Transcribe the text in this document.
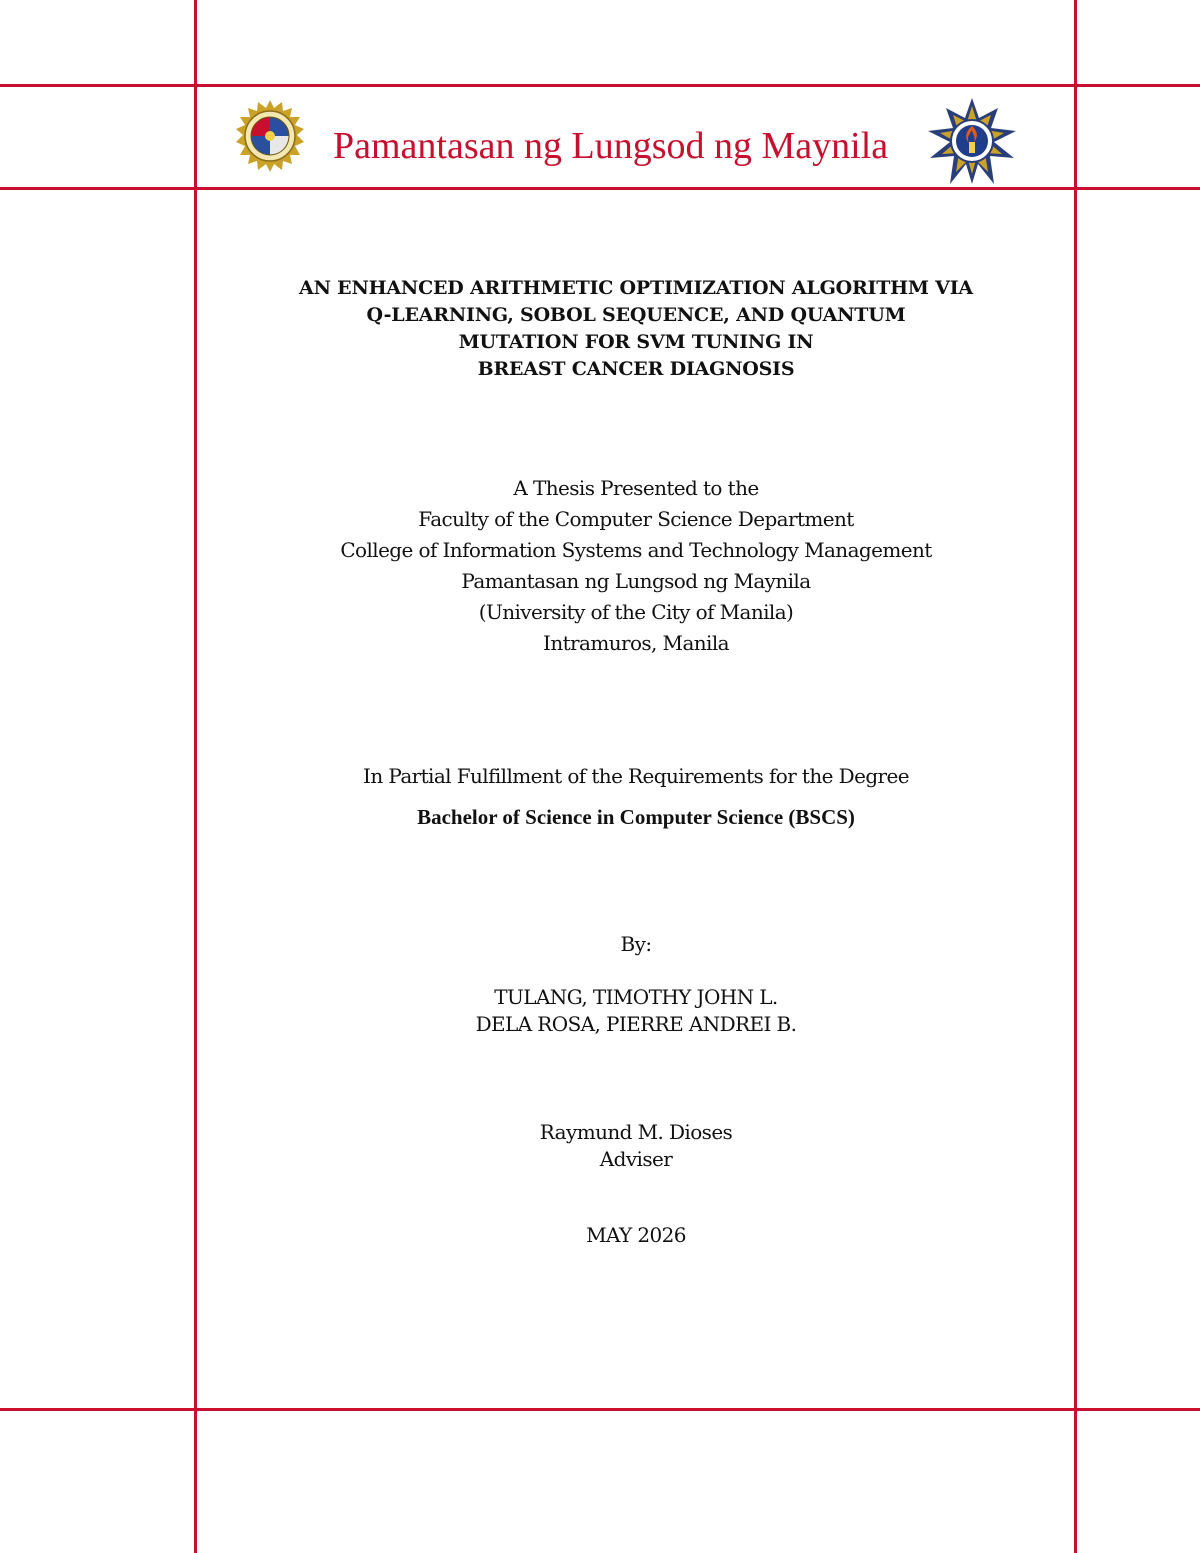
Pamantasan ng Lungsod ng Maynila
AN ENHANCED ARITHMETIC OPTIMIZATION ALGORITHM VIA
Q-LEARNING, SOBOL SEQUENCE, AND QUANTUM
MUTATION FOR SVM TUNING IN
BREAST CANCER DIAGNOSIS
A Thesis Presented to the
Faculty of the Computer Science Department
College of Information Systems and Technology Management
Pamantasan ng Lungsod ng Maynila
(University of the City of Manila)
Intramuros, Manila
In Partial Fulfillment of the Requirements for the Degree
Bachelor of Science in Computer Science (BSCS)
By:
TULANG, TIMOTHY JOHN L.
DELA ROSA, PIERRE ANDREI B.
Raymund M. Dioses
Adviser
MAY 2026
